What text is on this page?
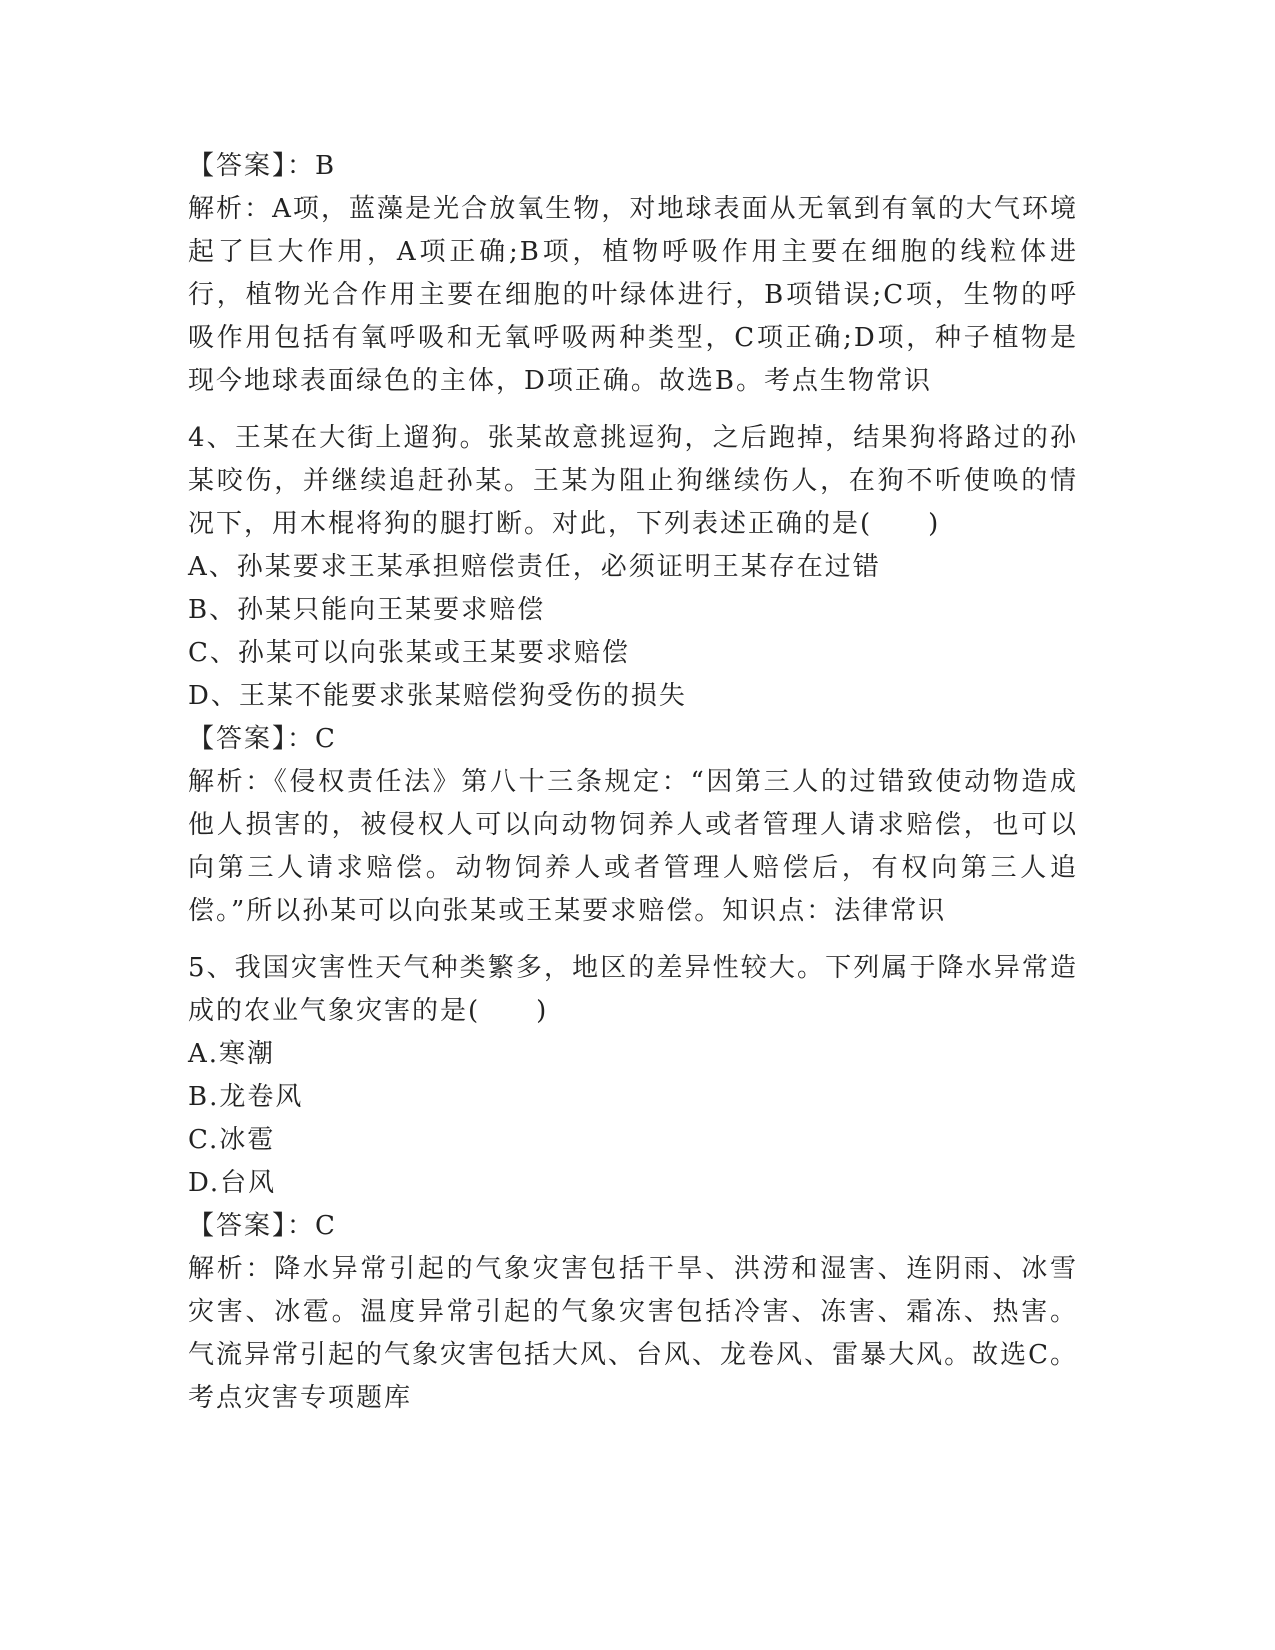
【答案】：B
解析：A项，蓝藻是光合放氧生物，对地球表面从无氧到有氧的大气环境起了巨大作用，A项正确;B项，植物呼吸作用主要在细胞的线粒体进行，植物光合作用主要在细胞的叶绿体进行，B项错误;C项，生物的呼吸作用包括有氧呼吸和无氧呼吸两种类型，C项正确;D项，种子植物是现今地球表面绿色的主体，D项正确。故选B。考点生物常识
4、王某在大街上遛狗。张某故意挑逗狗，之后跑掉，结果狗将路过的孙某咬伤，并继续追赶孙某。王某为阻止狗继续伤人，在狗不听使唤的情况下，用木棍将狗的腿打断。对此，下列表述正确的是(　　)
A、孙某要求王某承担赔偿责任，必须证明王某存在过错
B、孙某只能向王某要求赔偿
C、孙某可以向张某或王某要求赔偿
D、王某不能要求张某赔偿狗受伤的损失
【答案】：C
解析：《侵权责任法》第八十三条规定：“因第三人的过错致使动物造成他人损害的，被侵权人可以向动物饲养人或者管理人请求赔偿，也可以向第三人请求赔偿。动物饲养人或者管理人赔偿后，有权向第三人追偿。”所以孙某可以向张某或王某要求赔偿。知识点：法律常识
5、我国灾害性天气种类繁多，地区的差异性较大。下列属于降水异常造成的农业气象灾害的是(　　)
A.寒潮
B.龙卷风
C.冰雹
D.台风
【答案】：C
解析：降水异常引起的气象灾害包括干旱、洪涝和湿害、连阴雨、冰雪灾害、冰雹。温度异常引起的气象灾害包括冷害、冻害、霜冻、热害。气流异常引起的气象灾害包括大风、台风、龙卷风、雷暴大风。故选C。考点灾害专项题库
